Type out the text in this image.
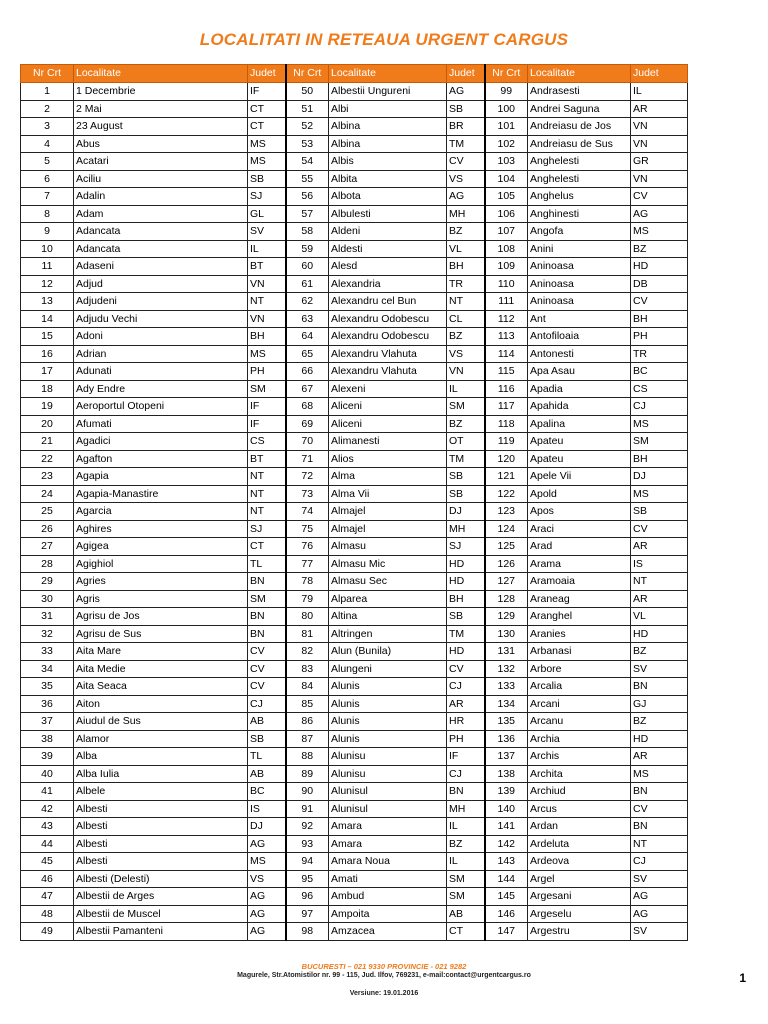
LOCALITATI IN RETEAUA URGENT CARGUS
Nr Crt	Localitate	Judet	Nr Crt	Localitate	Judet	Nr Crt	Localitate	Judet
1	1 Decembrie	IF	50	Albestii Ungureni	AG	99	Andrasesti	IL
2	2 Mai	CT	51	Albi	SB	100	Andrei Saguna	AR
3	23 August	CT	52	Albina	BR	101	Andreiasu de Jos	VN
4	Abus	MS	53	Albina	TM	102	Andreiasu de Sus	VN
5	Acatari	MS	54	Albis	CV	103	Anghelesti	GR
6	Aciliu	SB	55	Albita	VS	104	Anghelesti	VN
7	Adalin	SJ	56	Albota	AG	105	Anghelus	CV
8	Adam	GL	57	Albulesti	MH	106	Anghinesti	AG
9	Adancata	SV	58	Aldeni	BZ	107	Angofa	MS
10	Adancata	IL	59	Aldesti	VL	108	Anini	BZ
11	Adaseni	BT	60	Alesd	BH	109	Aninoasa	HD
12	Adjud	VN	61	Alexandria	TR	110	Aninoasa	DB
13	Adjudeni	NT	62	Alexandru cel Bun	NT	111	Aninoasa	CV
14	Adjudu Vechi	VN	63	Alexandru Odobescu	CL	112	Ant	BH
15	Adoni	BH	64	Alexandru Odobescu	BZ	113	Antofiloaia	PH
16	Adrian	MS	65	Alexandru Vlahuta	VS	114	Antonesti	TR
17	Adunati	PH	66	Alexandru Vlahuta	VN	115	Apa Asau	BC
18	Ady Endre	SM	67	Alexeni	IL	116	Apadia	CS
19	Aeroportul Otopeni	IF	68	Aliceni	SM	117	Apahida	CJ
20	Afumati	IF	69	Aliceni	BZ	118	Apalina	MS
21	Agadici	CS	70	Alimanesti	OT	119	Apateu	SM
22	Agafton	BT	71	Alios	TM	120	Apateu	BH
23	Agapia	NT	72	Alma	SB	121	Apele Vii	DJ
24	Agapia-Manastire	NT	73	Alma Vii	SB	122	Apold	MS
25	Agarcia	NT	74	Almajel	DJ	123	Apos	SB
26	Aghires	SJ	75	Almajel	MH	124	Araci	CV
27	Agigea	CT	76	Almasu	SJ	125	Arad	AR
28	Agighiol	TL	77	Almasu Mic	HD	126	Arama	IS
29	Agries	BN	78	Almasu Sec	HD	127	Aramoaia	NT
30	Agris	SM	79	Alparea	BH	128	Araneag	AR
31	Agrisu de Jos	BN	80	Altina	SB	129	Aranghel	VL
32	Agrisu de Sus	BN	81	Altringen	TM	130	Aranies	HD
33	Aita Mare	CV	82	Alun (Bunila)	HD	131	Arbanasi	BZ
34	Aita Medie	CV	83	Alungeni	CV	132	Arbore	SV
35	Aita Seaca	CV	84	Alunis	CJ	133	Arcalia	BN
36	Aiton	CJ	85	Alunis	AR	134	Arcani	GJ
37	Aiudul de Sus	AB	86	Alunis	HR	135	Arcanu	BZ
38	Alamor	SB	87	Alunis	PH	136	Archia	HD
39	Alba	TL	88	Alunisu	IF	137	Archis	AR
40	Alba Iulia	AB	89	Alunisu	CJ	138	Archita	MS
41	Albele	BC	90	Alunisul	BN	139	Archiud	BN
42	Albesti	IS	91	Alunisul	MH	140	Arcus	CV
43	Albesti	DJ	92	Amara	IL	141	Ardan	BN
44	Albesti	AG	93	Amara	BZ	142	Ardeluta	NT
45	Albesti	MS	94	Amara Noua	IL	143	Ardeova	CJ
46	Albesti (Delesti)	VS	95	Amati	SM	144	Argel	SV
47	Albestii de Arges	AG	96	Ambud	SM	145	Argesani	AG
48	Albestii de Muscel	AG	97	Ampoita	AB	146	Argeselu	AG
49	Albestii Pamanteni	AG	98	Amzacea	CT	147	Argestru	SV
BUCURESTI – 021 9330 PROVINCIE - 021 9282
Magurele, Str.Atomistilor nr. 99 - 115, Jud. Ilfov, 769231, e-mail:contact@urgentcargus.ro
Versiune: 19.01.2016
1
